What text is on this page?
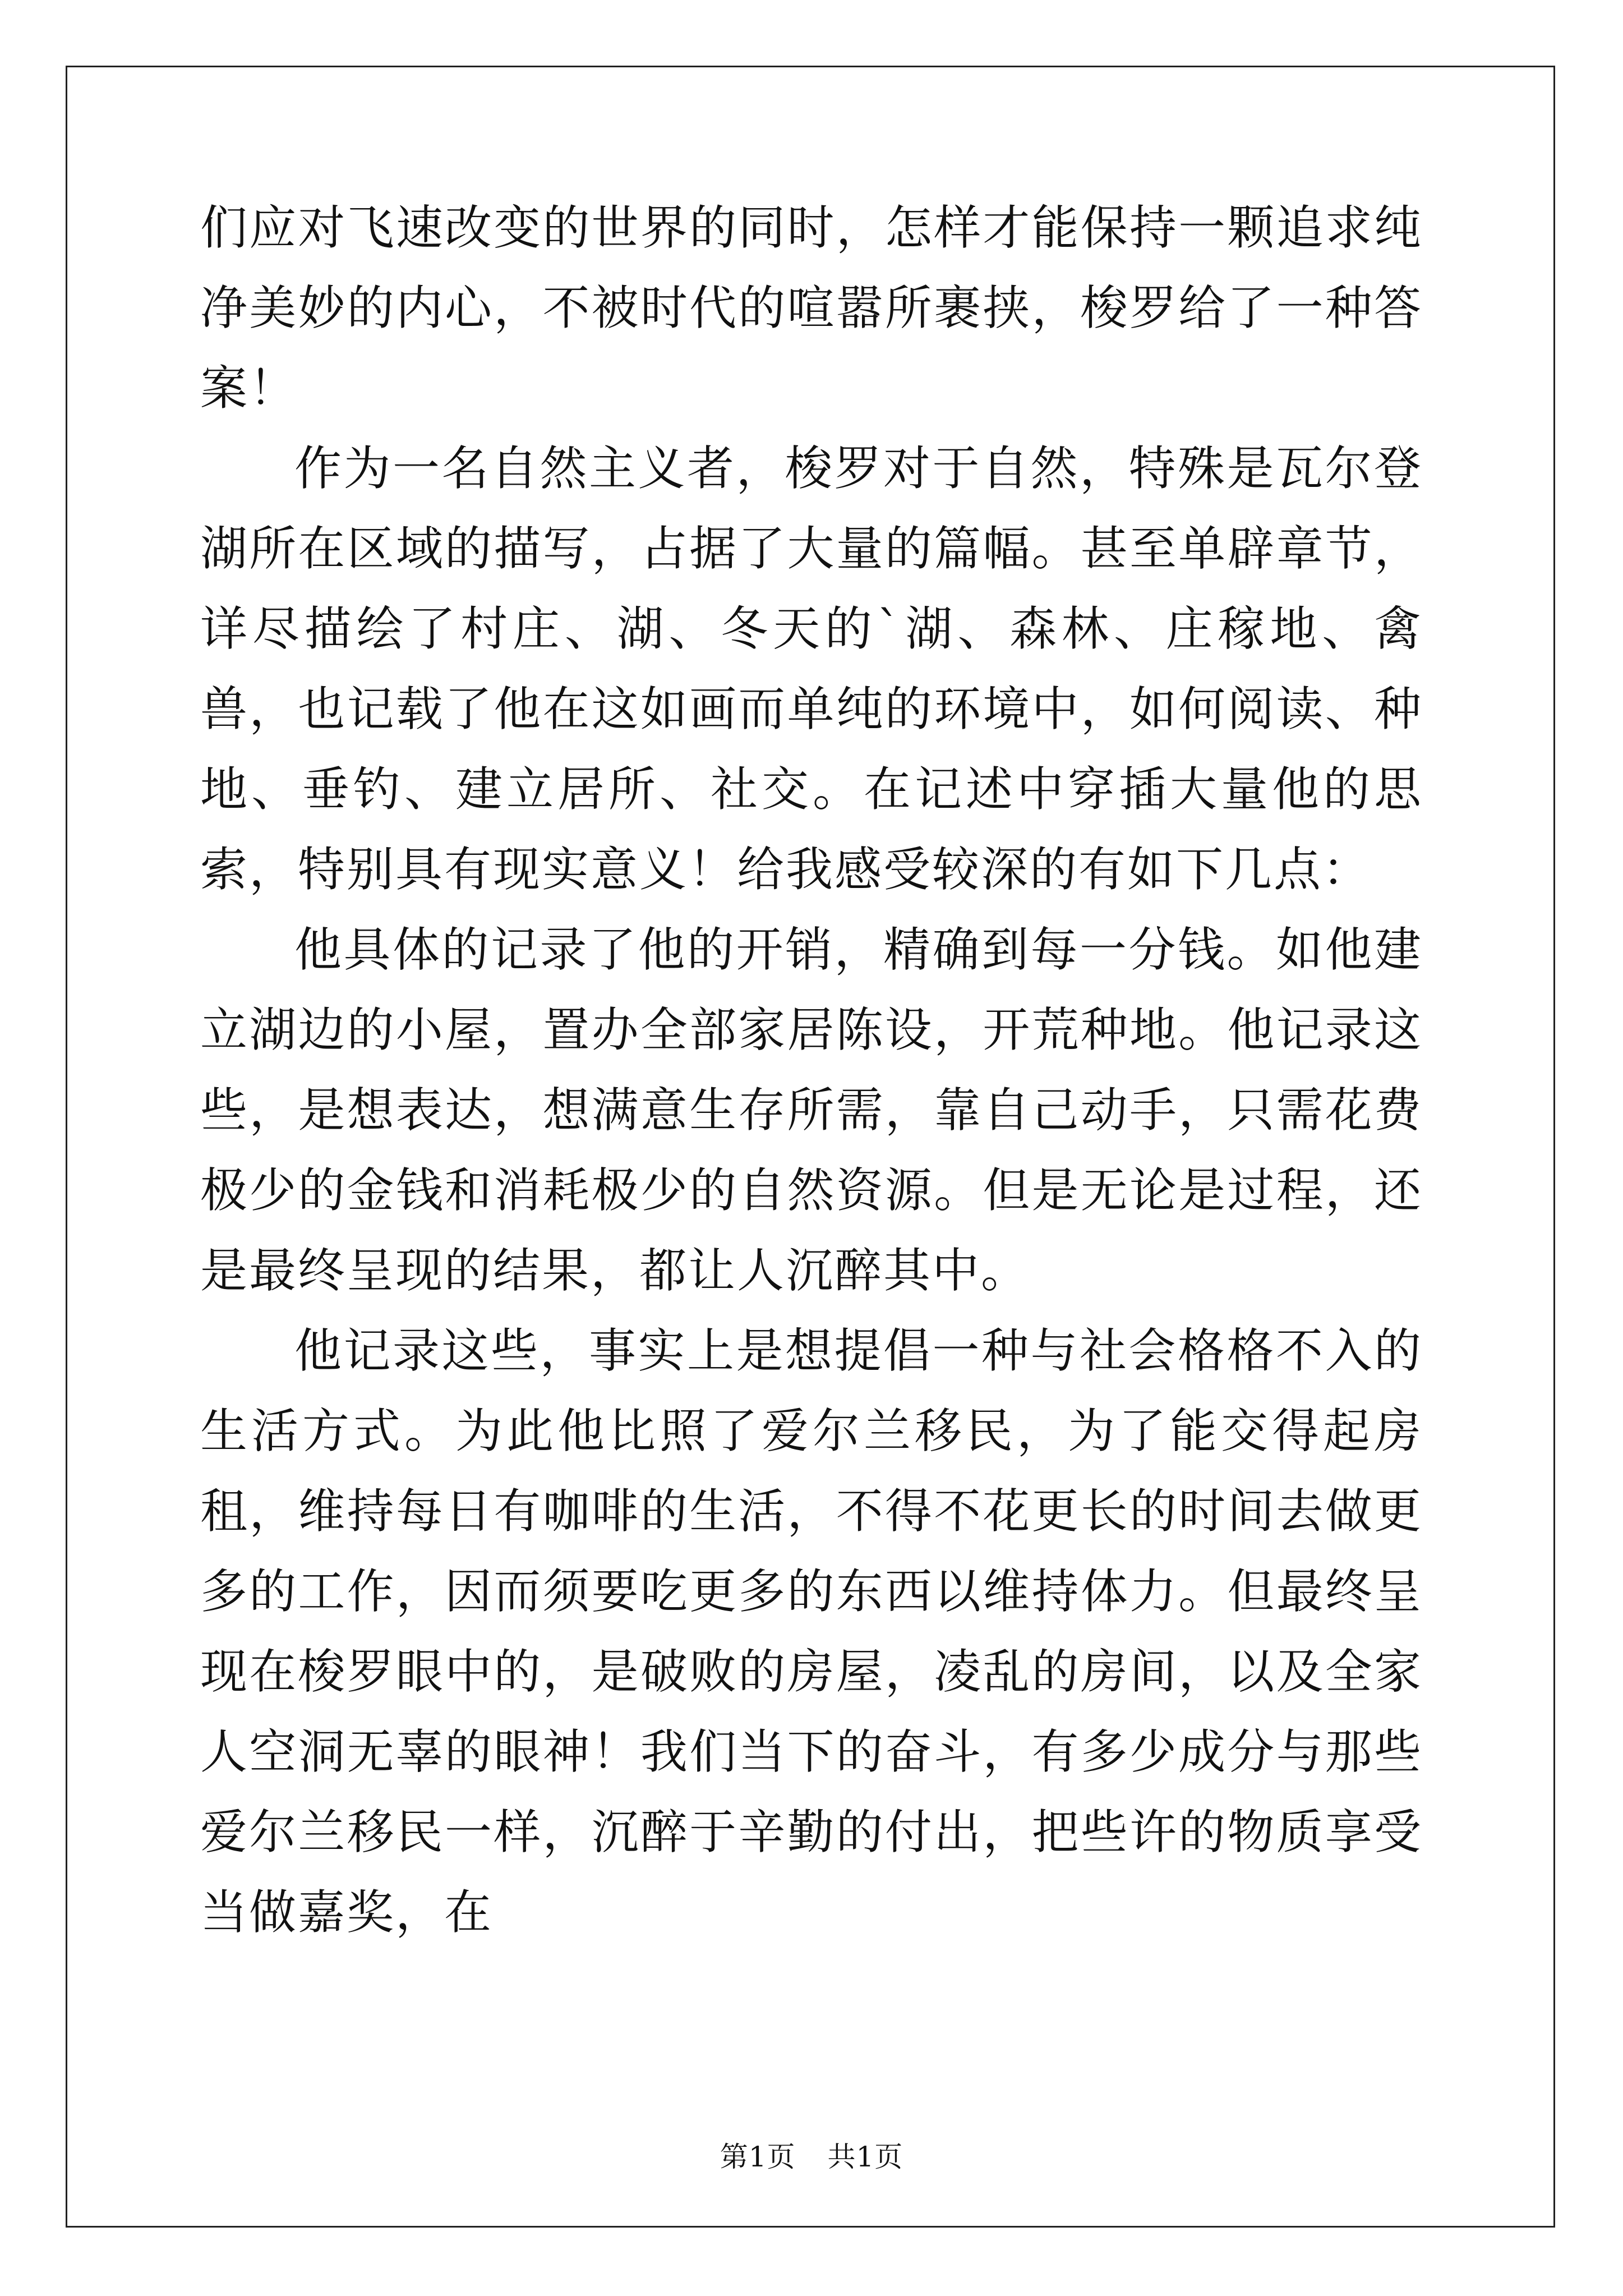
们应对飞速改变的世界的同时，怎样才能保持一颗追求纯净美妙的内心，不被时代的喧嚣所裹挟，梭罗给了一种答案！

作为一名自然主义者，梭罗对于自然，特殊是瓦尔登湖所在区域的描写，占据了大量的篇幅。甚至单辟章节，详尽描绘了村庄、湖、冬天的`湖、森林、庄稼地、禽兽，也记载了他在这如画而单纯的环境中，如何阅读、种地、垂钓、建立居所、社交。在记述中穿插大量他的思索，特别具有现实意义！给我感受较深的有如下几点：

他具体的记录了他的开销，精确到每一分钱。如他建立湖边的小屋，置办全部家居陈设，开荒种地。他记录这些，是想表达，想满意生存所需，靠自己动手，只需花费极少的金钱和消耗极少的自然资源。但是无论是过程，还是最终呈现的结果，都让人沉醉其中。

他记录这些，事实上是想提倡一种与社会格格不入的生活方式。为此他比照了爱尔兰移民，为了能交得起房租，维持每日有咖啡的生活，不得不花更长的时间去做更多的工作，因而须要吃更多的东西以维持体力。但最终呈现在梭罗眼中的，是破败的房屋，凌乱的房间，以及全家人空洞无辜的眼神！我们当下的奋斗，有多少成分与那些爱尔兰移民一样，沉醉于辛勤的付出，把些许的物质享受当做嘉奖，在

第1页 共1页
